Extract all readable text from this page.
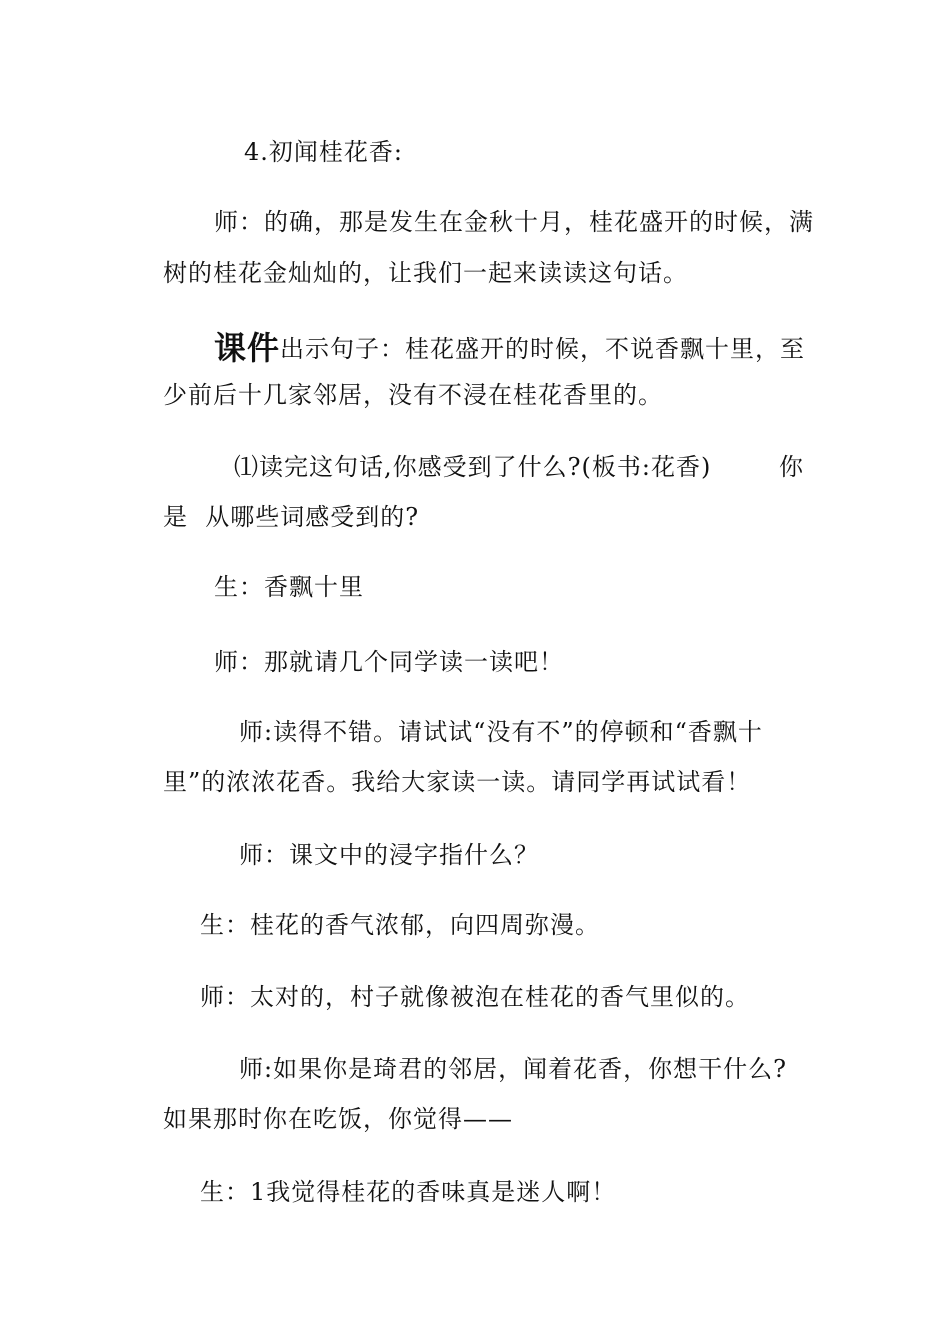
4.初闻桂花香:
师：的确，那是发生在金秋十月，桂花盛开的时候，满
树的桂花金灿灿的，让我们一起来读读这句话。
课件出示句子：桂花盛开的时候，不说香飘十里，至
少前后十几家邻居，没有不浸在桂花香里的。
⑴读完这句话,你感受到了什么?(板书:花香)	你
是  从哪些词感受到的?
生：香飘十里
师：那就请几个同学读一读吧！
师:读得不错。请试试“没有不”的停顿和“香飘十
里”的浓浓花香。我给大家读一读。请同学再试试看！
师：课文中的浸字指什么？
生：桂花的香气浓郁，向四周弥漫。
师：太对的，村子就像被泡在桂花的香气里似的。
师:如果你是琦君的邻居，闻着花香，你想干什么?
如果那时你在吃饭，你觉得——
生：1我觉得桂花的香味真是迷人啊！
